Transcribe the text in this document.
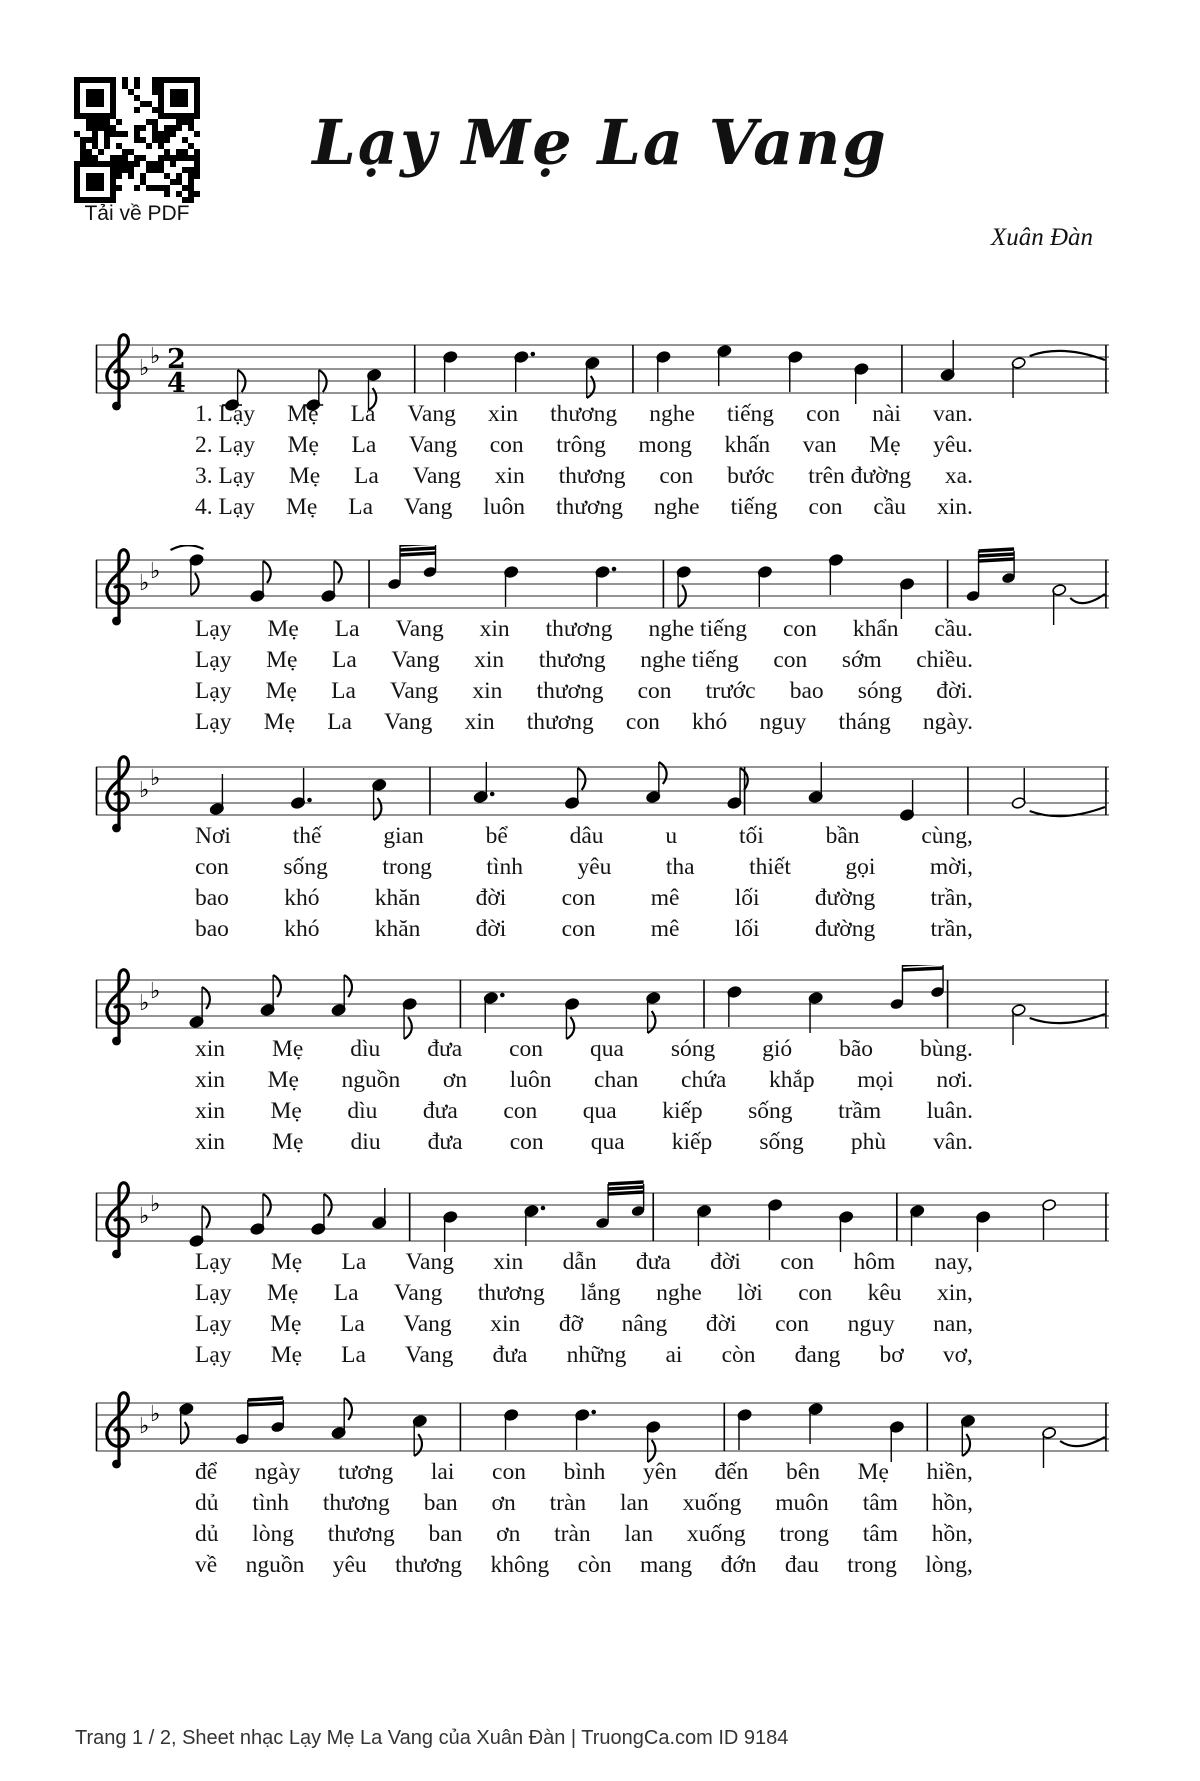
Tải về PDF
Lạy Mẹ La Vang
Xuân Đàn
♭ ♭ 2
4
1. Lạy Mẹ La Vang xin thương nghe tiếng con nài van.
2. Lạy Mẹ La Vang con trông mong khấn van Mẹ yêu.
3. Lạy Mẹ La Vang xin thương con bước trên đường xa.
4. Lạy Mẹ La Vang luôn thương nghe tiếng con cầu xin.
♭ ♭
Lạy Mẹ La Vang xin thương nghe tiếng con khẩn cầu.
Lạy Mẹ La Vang xin thương nghe tiếng con sớm chiều.
Lạy Mẹ La Vang xin thương con trước bao sóng đời.
Lạy Mẹ La Vang xin thương con khó nguy tháng ngày.
♭ ♭
Nơi	thế	gian	bể	dâu	u	tối	bần	cùng,
con sống trong tình yêu tha thiết gọi mời,
bao khó khăn đời con mê lối đường trần,
bao khó khăn đời con mê lối đường trần,
♭ ♭
xin Mẹ dìu đưa con qua sóng gió bão bùng.
xin Mẹ nguồn ơn luôn chan chứa khắp mọi nơi.
xin Mẹ dìu đưa con qua kiếp sống trầm luân.
xin Mẹ diu đưa con qua kiếp sống phù vân.
♭ ♭
Lạy Mẹ La Vang xin dẫn đưa đời con hôm nay,
Lạy Mẹ La Vang thương lắng nghe lời con kêu xin,
Lạy Mẹ La Vang xin đỡ nâng đời con nguy nan,
Lạy Mẹ La Vang đưa những ai còn đang bơ vơ,
♭ ♭
để ngày tương lai con bình yên đến bên Mẹ hiền,
dủ tình thương ban ơn tràn lan xuống muôn tâm hồn,
dủ lòng thương ban ơn tràn lan xuống trong tâm hồn,
về nguồn yêu thương không còn mang đớn đau trong lòng,
Trang 1 / 2, Sheet nhạc Lạy Mẹ La Vang của Xuân Đàn | TruongCa.com ID 9184
